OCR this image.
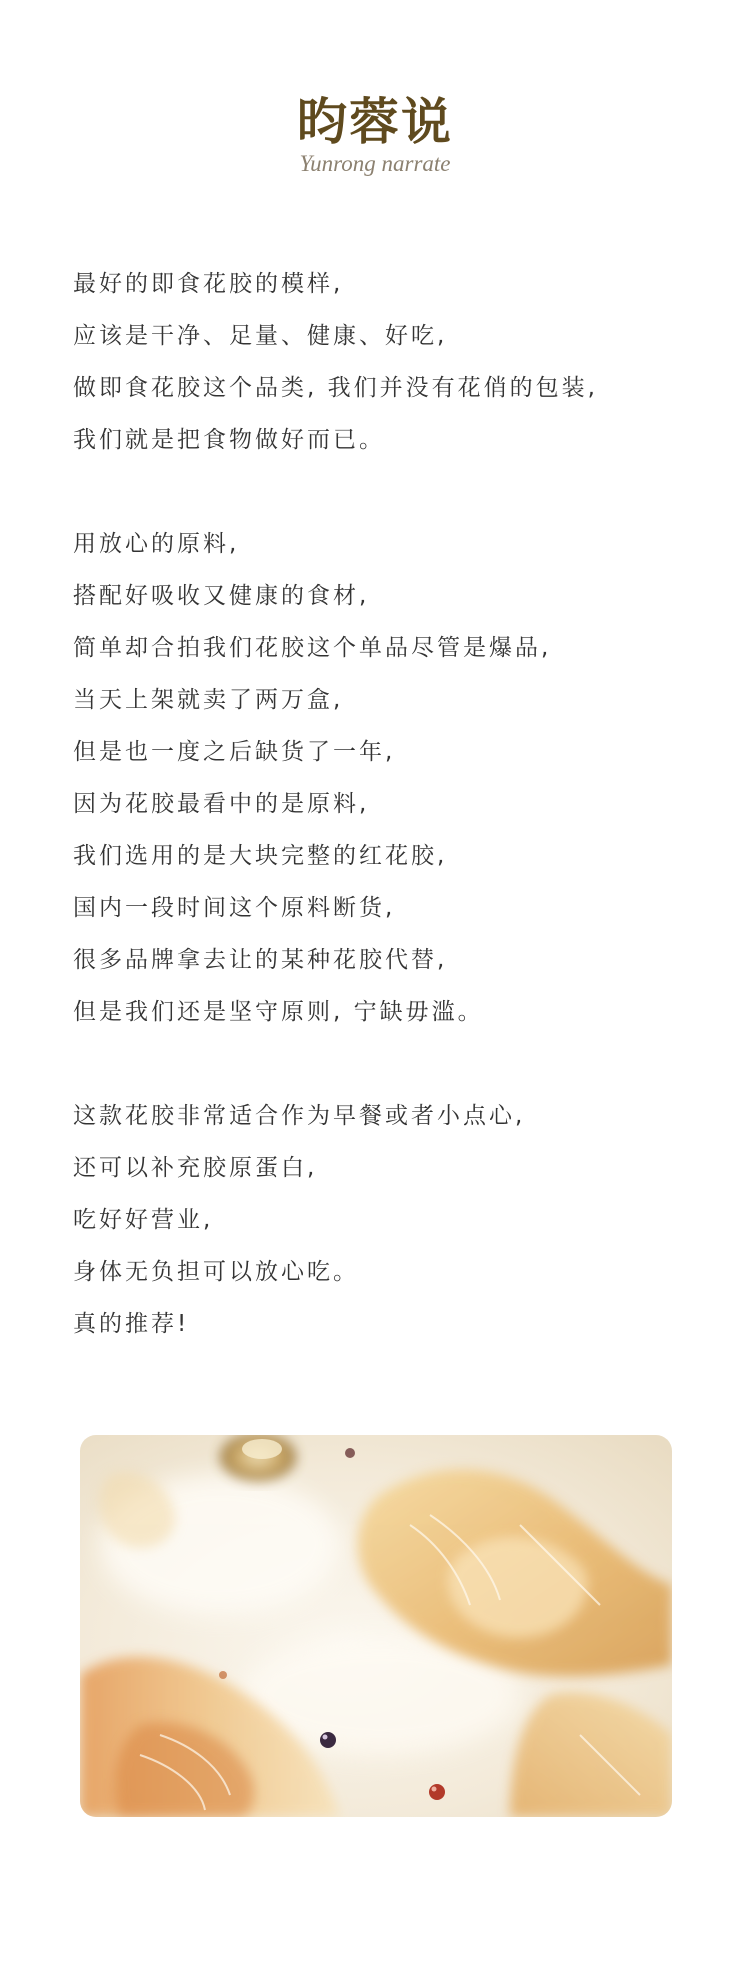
昀蓉说
Yunrong narrate
最好的即食花胶的模样,
应该是干净、足量、健康、好吃,
做即食花胶这个品类, 我们并没有花俏的包装,
我们就是把食物做好而已。
用放心的原料,
搭配好吸收又健康的食材,
简单却合拍我们花胶这个单品尽管是爆品,
当天上架就卖了两万盒,
但是也一度之后缺货了一年,
因为花胶最看中的是原料,
我们选用的是大块完整的红花胶,
国内一段时间这个原料断货,
很多品牌拿去让的某种花胶代替,
但是我们还是坚守原则, 宁缺毋滥。
这款花胶非常适合作为早餐或者小点心,
还可以补充胶原蛋白,
吃好好营业,
身体无负担可以放心吃。
真的推荐!
